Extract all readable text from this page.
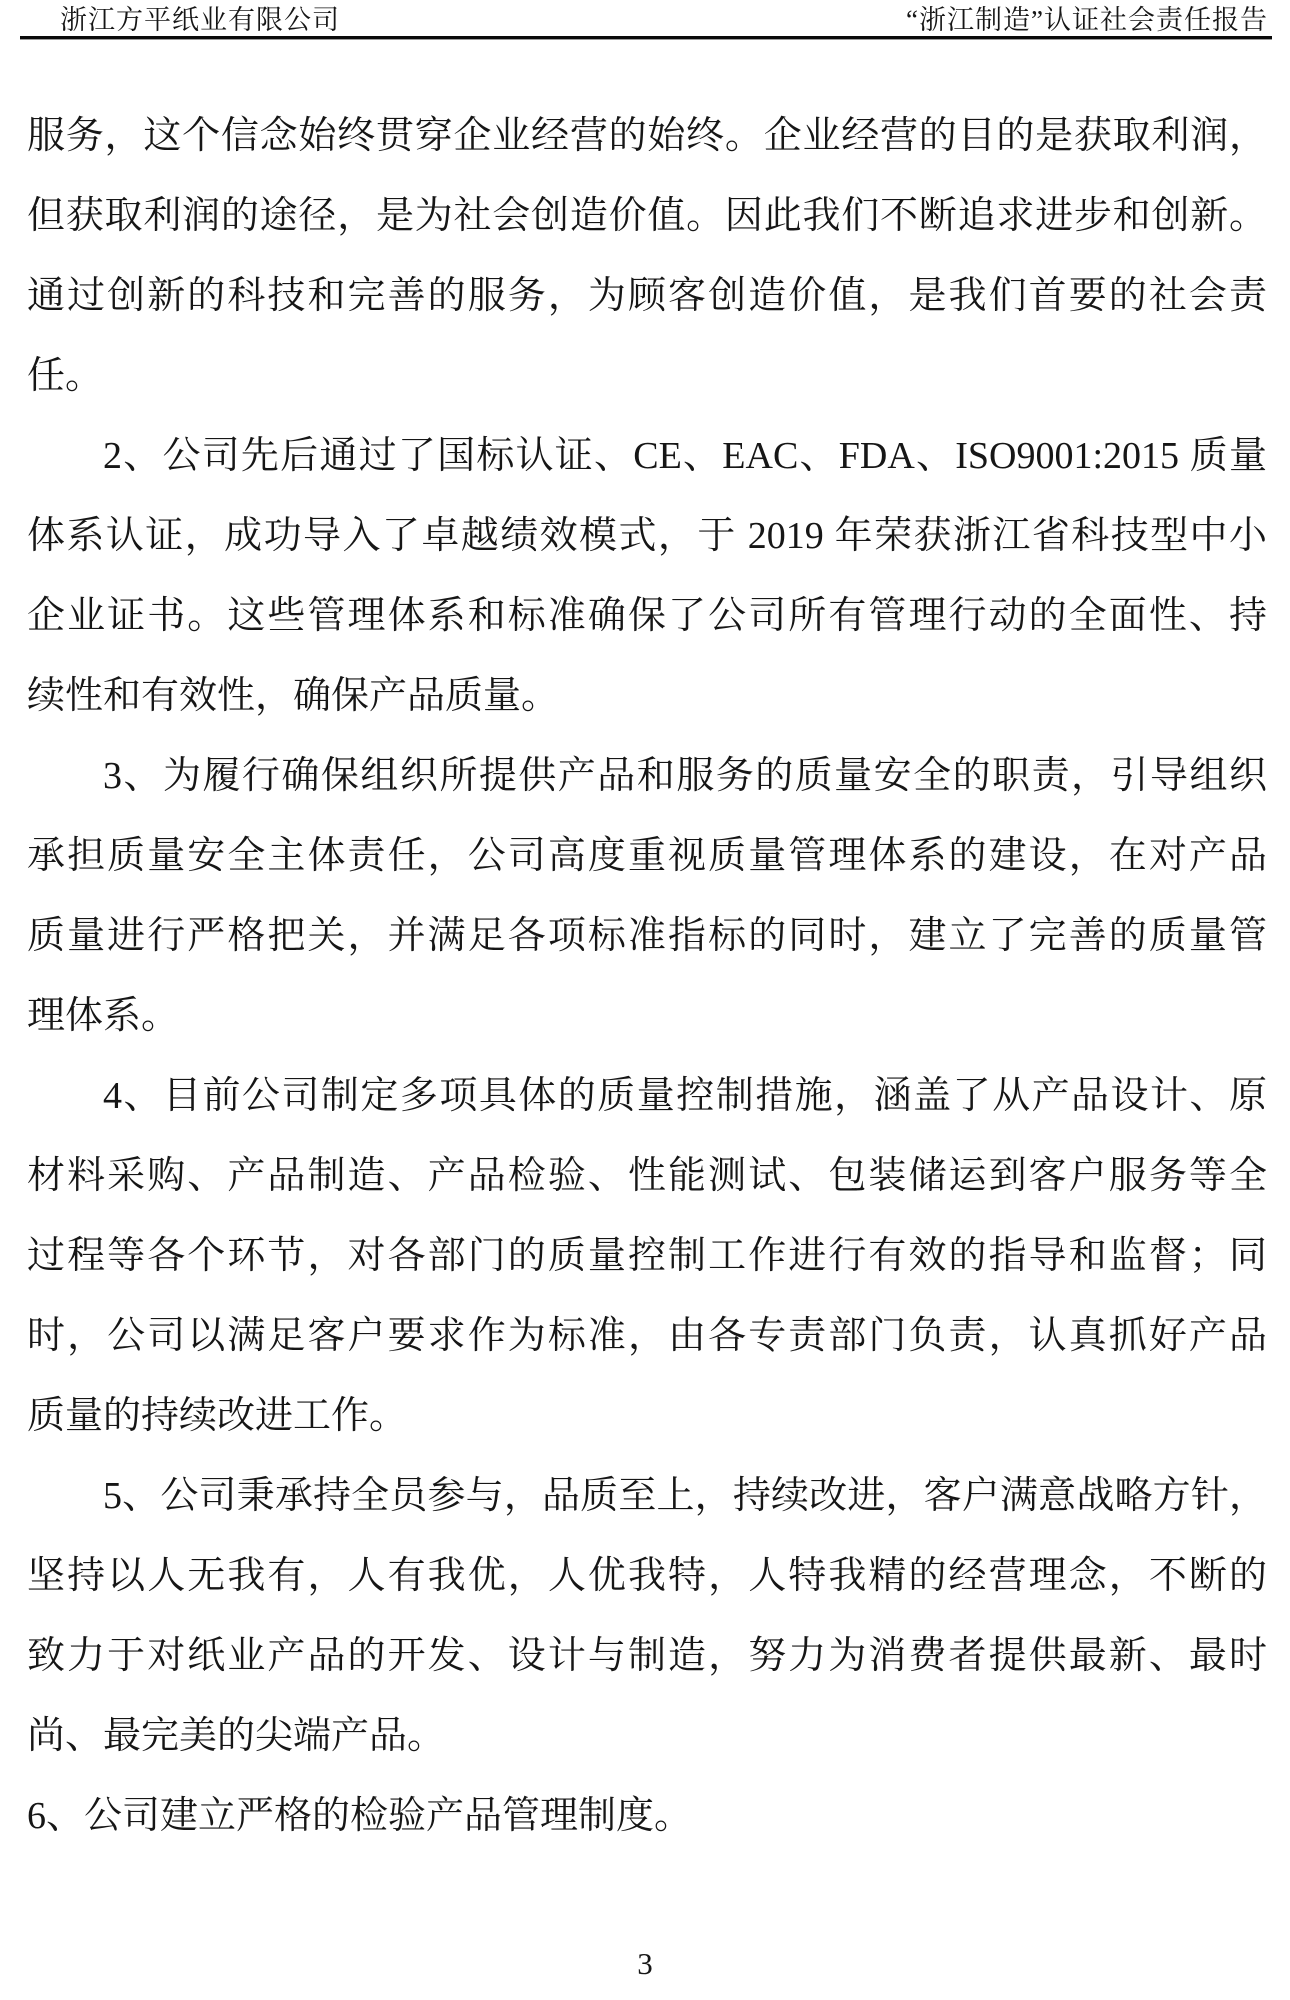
浙江方平纸业有限公司	“浙江制造”认证社会责任报告
服务，这个信念始终贯穿企业经营的始终。企业经营的目的是获取利润，
但获取利润的途径，是为社会创造价值。因此我们不断追求进步和创新。
通过创新的科技和完善的服务，为顾客创造价值，是我们首要的社会责
任。
2、公司先后通过了国标认证、CE、EAC、FDA、ISO9001:2015 质量
体系认证，成功导入了卓越绩效模式，于 2019 年荣获浙江省科技型中小
企业证书。这些管理体系和标准确保了公司所有管理行动的全面性、持
续性和有效性，确保产品质量。
3、为履行确保组织所提供产品和服务的质量安全的职责，引导组织
承担质量安全主体责任，公司高度重视质量管理体系的建设，在对产品
质量进行严格把关，并满足各项标准指标的同时，建立了完善的质量管
理体系。
4、目前公司制定多项具体的质量控制措施，涵盖了从产品设计、原
材料采购、产品制造、产品检验、性能测试、包装储运到客户服务等全
过程等各个环节，对各部门的质量控制工作进行有效的指导和监督；同
时，公司以满足客户要求作为标准，由各专责部门负责，认真抓好产品
质量的持续改进工作。
5、公司秉承持全员参与，品质至上，持续改进，客户满意战略方针，
坚持以人无我有，人有我优，人优我特，人特我精的经营理念，不断的
致力于对纸业产品的开发、设计与制造，努力为消费者提供最新、最时
尚、最完美的尖端产品。
6、公司建立严格的检验产品管理制度。
3
